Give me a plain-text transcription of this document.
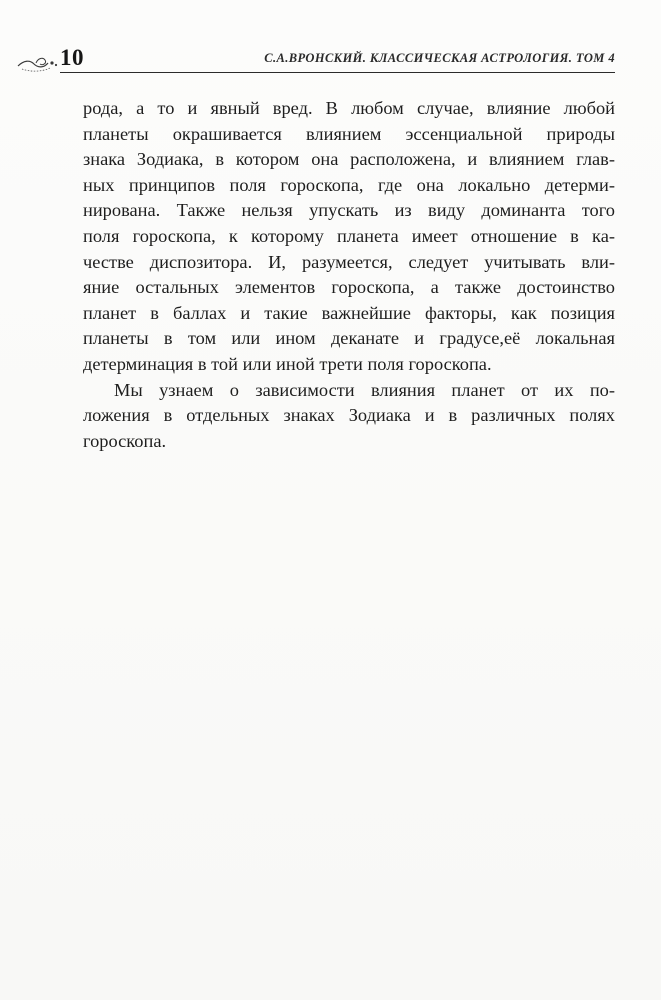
10	С.А.ВРОНСКИЙ. КЛАССИЧЕСКАЯ АСТРОЛОГИЯ. ТОМ 4
рода, а то и явный вред. В любом случае, влияние любой
планеты окрашивается влиянием эссенциальной природы
знака Зодиака, в котором она расположена, и влиянием глав-
ных принципов поля гороскопа, где она локально детерми-
нирована. Также нельзя упускать из виду доминанта того
поля гороскопа, к которому планета имеет отношение в ка-
честве диспозитора. И, разумеется, следует учитывать вли-
яние остальных элементов гороскопа, а также достоинство
планет в баллах и такие важнейшие факторы, как позиция
планеты в том или ином деканате и градусе,её локальная
детерминация в той или иной трети поля гороскопа.
Мы узнаем о зависимости влияния планет от их по-
ложения в отдельных знаках Зодиака и в различных полях
гороскопа.
